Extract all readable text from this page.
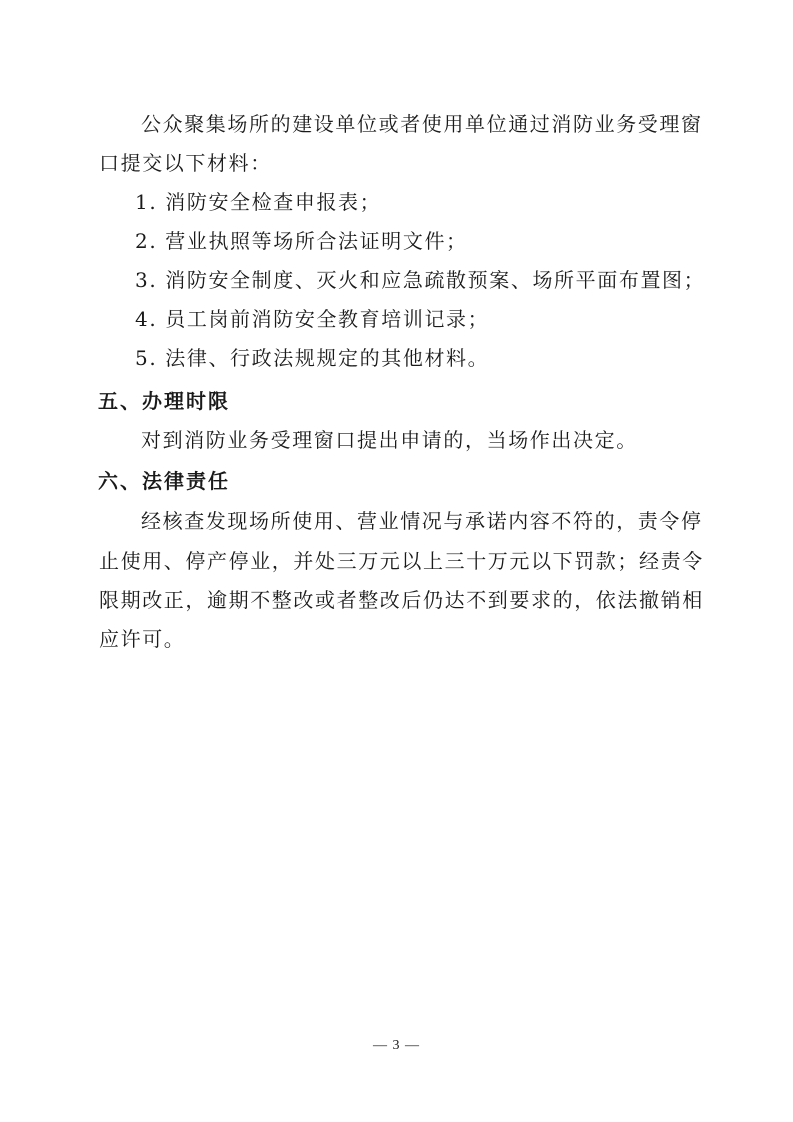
公众聚集场所的建设单位或者使用单位通过消防业务受理窗
口提交以下材料：
1. 消防安全检查申报表；
2. 营业执照等场所合法证明文件；
3. 消防安全制度、灭火和应急疏散预案、场所平面布置图；
4. 员工岗前消防安全教育培训记录；
5. 法律、行政法规规定的其他材料。
五、办理时限
对到消防业务受理窗口提出申请的，当场作出决定。
六、法律责任
经核查发现场所使用、营业情况与承诺内容不符的，责令停
止使用、停产停业，并处三万元以上三十万元以下罚款；经责令
限期改正，逾期不整改或者整改后仍达不到要求的，依法撤销相
应许可。
— 3 —
